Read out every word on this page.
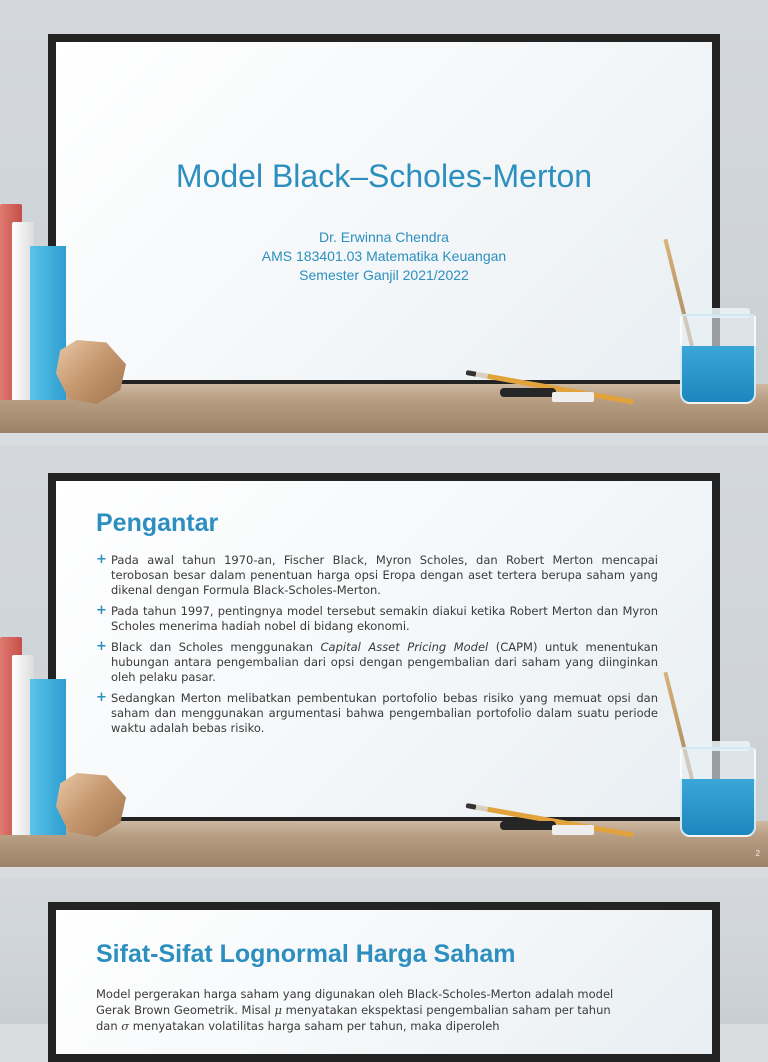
Model Black–Scholes-Merton
Dr. Erwinna Chendra
AMS 183401.03 Matematika Keuangan
Semester Ganjil 2021/2022
Pengantar
+ Pada awal tahun 1970-an, Fischer Black, Myron Scholes, dan Robert Merton mencapai terobosan besar dalam penentuan harga opsi Eropa dengan aset tertera berupa saham yang dikenal dengan Formula Black-Scholes-Merton.
+ Pada tahun 1997, pentingnya model tersebut semakin diakui ketika Robert Merton dan Myron Scholes menerima hadiah nobel di bidang ekonomi.
+ Black dan Scholes menggunakan Capital Asset Pricing Model (CAPM) untuk menentukan hubungan antara pengembalian dari opsi dengan pengembalian dari saham yang diinginkan oleh pelaku pasar.
+ Sedangkan Merton melibatkan pembentukan portofolio bebas risiko yang memuat opsi dan saham dan menggunakan argumentasi bahwa pengembalian portofolio dalam suatu periode waktu adalah bebas risiko.
2
Sifat-Sifat Lognormal Harga Saham
Model pergerakan harga saham yang digunakan oleh Black-Scholes-Merton adalah model
Gerak Brown Geometrik. Misal μ menyatakan ekspektasi pengembalian saham per tahun
dan σ menyatakan volatilitas harga saham per tahun, maka diperoleh
